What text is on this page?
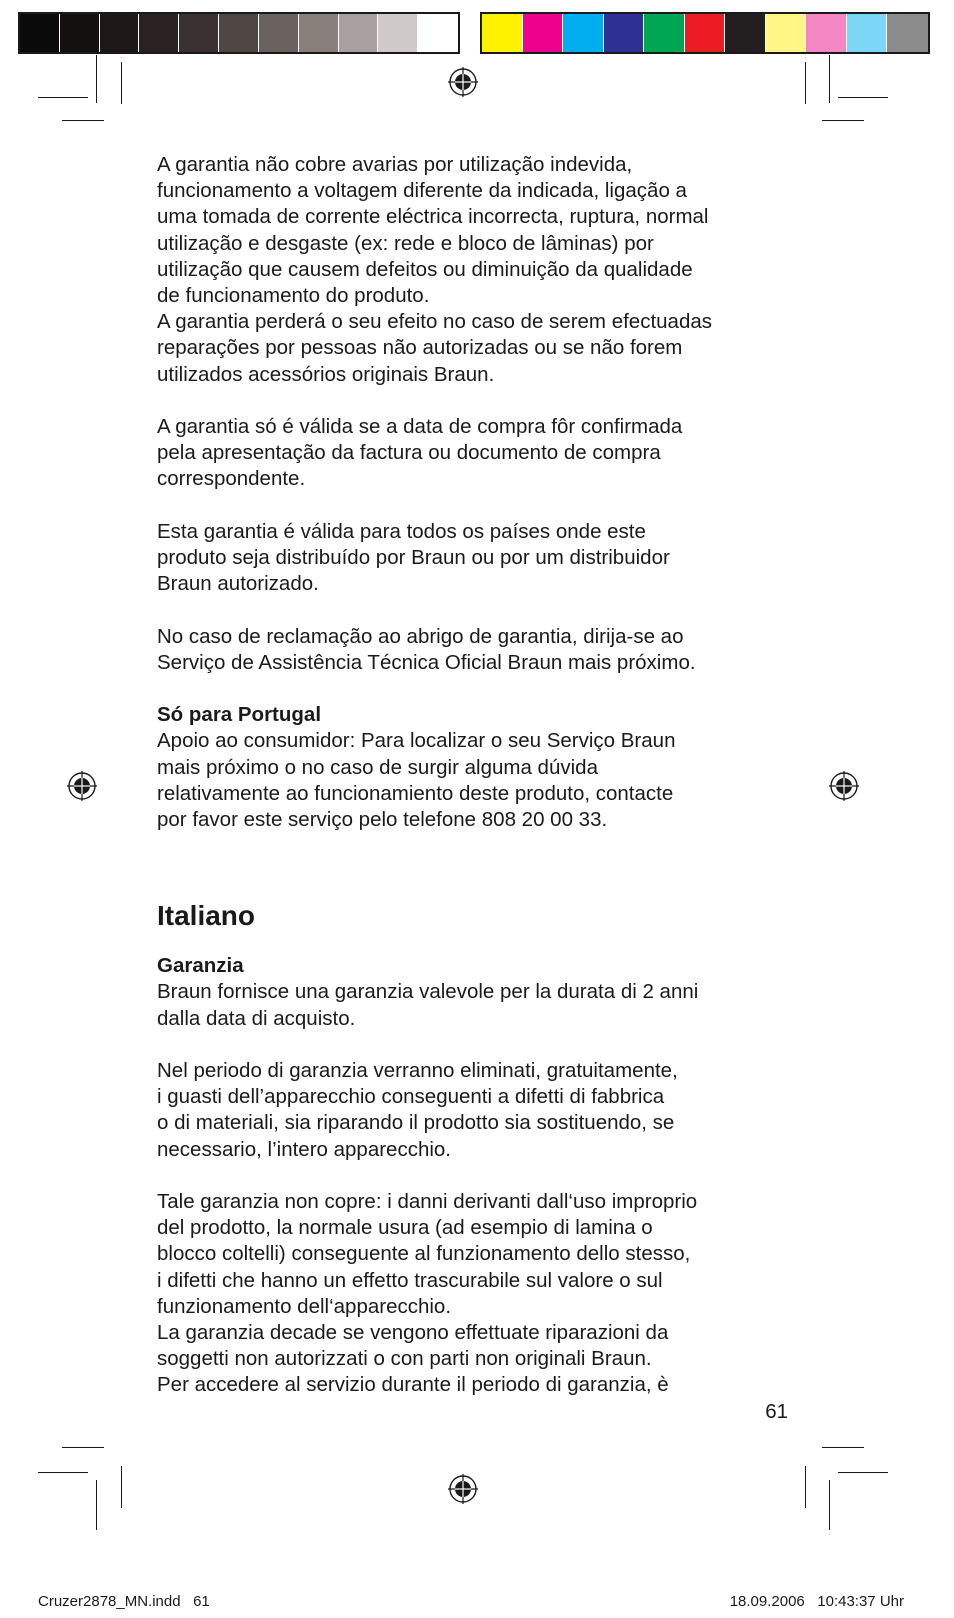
A garantia não cobre avarias por utilização indevida,
funcionamento a voltagem diferente da indicada, ligação a
uma tomada de corrente eléctrica incorrecta, ruptura, normal
utilização e desgaste (ex: rede e bloco de lâminas) por
utilização que causem defeitos ou diminuição da qualidade
de funcionamento do produto.

A garantia perderá o seu efeito no caso de serem efectuadas
reparações por pessoas não autorizadas ou se não forem
utilizados acessórios originais Braun.

A garantia só é válida se a data de compra fôr confirmada
pela apresentação da factura ou documento de compra
correspondente.

Esta garantia é válida para todos os países onde este
produto seja distribuído por Braun ou por um distribuidor
Braun autorizado.

No caso de reclamação ao abrigo de garantia, dirija-se ao
Serviço de Assistência Técnica Oficial Braun mais próximo.

Só para Portugal

Apoio ao consumidor: Para localizar o seu Serviço Braun
mais próximo o no caso de surgir alguma dúvida
relativamente ao funcionamiento deste produto, contacte
por favor este serviço pelo telefone 808 20 00 33.

Italiano

Garanzia

Braun fornisce una garanzia valevole per la durata di 2 anni
dalla data di acquisto.

Nel periodo di garanzia verranno eliminati, gratuitamente,
i guasti dell’apparecchio conseguenti a difetti di fabbrica
o di materiali, sia riparando il prodotto sia sostituendo, se
necessario, l’intero apparecchio.

Tale garanzia non copre: i danni derivanti dall‘uso improprio
del prodotto, la normale usura (ad esempio di lamina o
blocco coltelli) conseguente al funzionamento dello stesso,
i difetti che hanno un effetto trascurabile sul valore o sul
funzionamento dell‘apparecchio.

La garanzia decade se vengono effettuate riparazioni da
soggetti non autorizzati o con parti non originali Braun.

Per accedere al servizio durante il periodo di garanzia, è

61
Cruzer2878_MN.indd   61	18.09.2006   10:43:37 Uhr
